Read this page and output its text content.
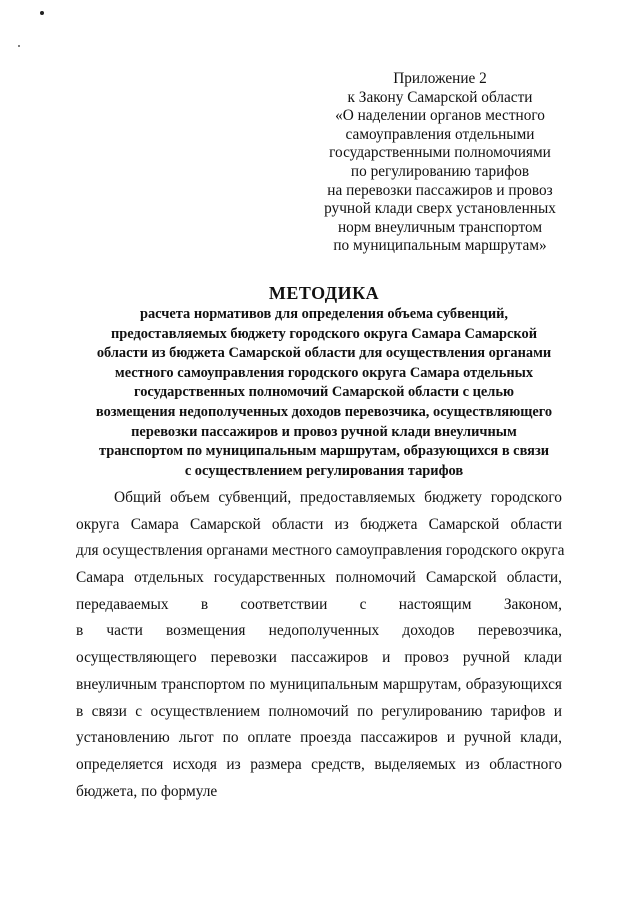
Приложение 2
к Закону Самарской области
«О наделении органов местного
самоуправления отдельными
государственными полномочиями
по регулированию тарифов
на перевозки пассажиров и провоз
ручной клади сверх установленных
норм внеуличным транспортом
по муниципальным маршрутам»
МЕТОДИКА
расчета нормативов для определения объема субвенций,
предоставляемых бюджету городского округа Самара Самарской
области из бюджета Самарской области для осуществления органами
местного самоуправления городского округа Самара отдельных
государственных полномочий Самарской области с целью
возмещения недополученных доходов перевозчика, осуществляющего
перевозки пассажиров и провоз ручной клади внеуличным
транспортом по муниципальным маршрутам, образующихся в связи
с осуществлением регулирования тарифов
Общий объем субвенций, предоставляемых бюджету городского
округа Самара Самарской области из бюджета Самарской области
для осуществления органами местного самоуправления городского округа
Самара отдельных государственных полномочий Самарской области,
передаваемых в соответствии с настоящим Законом,
в части возмещения недополученных доходов перевозчика,
осуществляющего перевозки пассажиров и провоз ручной клади
внеуличным транспортом по муниципальным маршрутам, образующихся
в связи с осуществлением полномочий по регулированию тарифов и
установлению льгот по оплате проезда пассажиров и ручной клади,
определяется исходя из размера средств, выделяемых из областного
бюджета, по формуле
